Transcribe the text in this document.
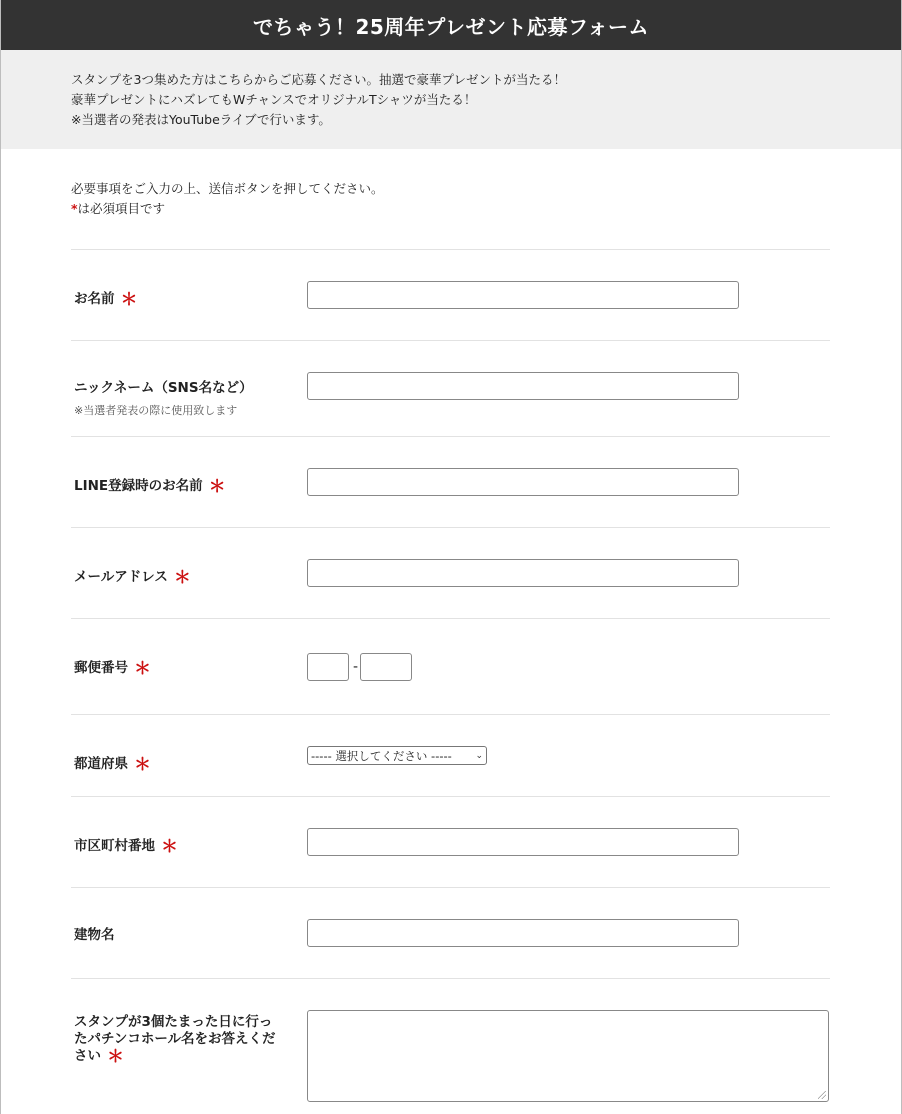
でちゃう！25周年プレゼント応募フォーム
スタンプを3つ集めた方はこちらからご応募ください。抽選で豪華プレゼントが当たる！
豪華プレゼントにハズレてもWチャンスでオリジナルTシャツが当たる！
※当選者の発表はYouTubeライブで行います。
必要事項をご入力の上、送信ボタンを押してください。
*は必須項目です
お名前 ＊
ニックネーム（SNS名など）
※当選者発表の際に使用致します
LINE登録時のお名前 ＊
メールアドレス ＊
郵便番号 ＊	-
都道府県 ＊	----- 選択してください -----	⌄
市区町村番地 ＊
建物名
スタンプが3個たまった日に行ったパチンコホール名をお答えください ＊
